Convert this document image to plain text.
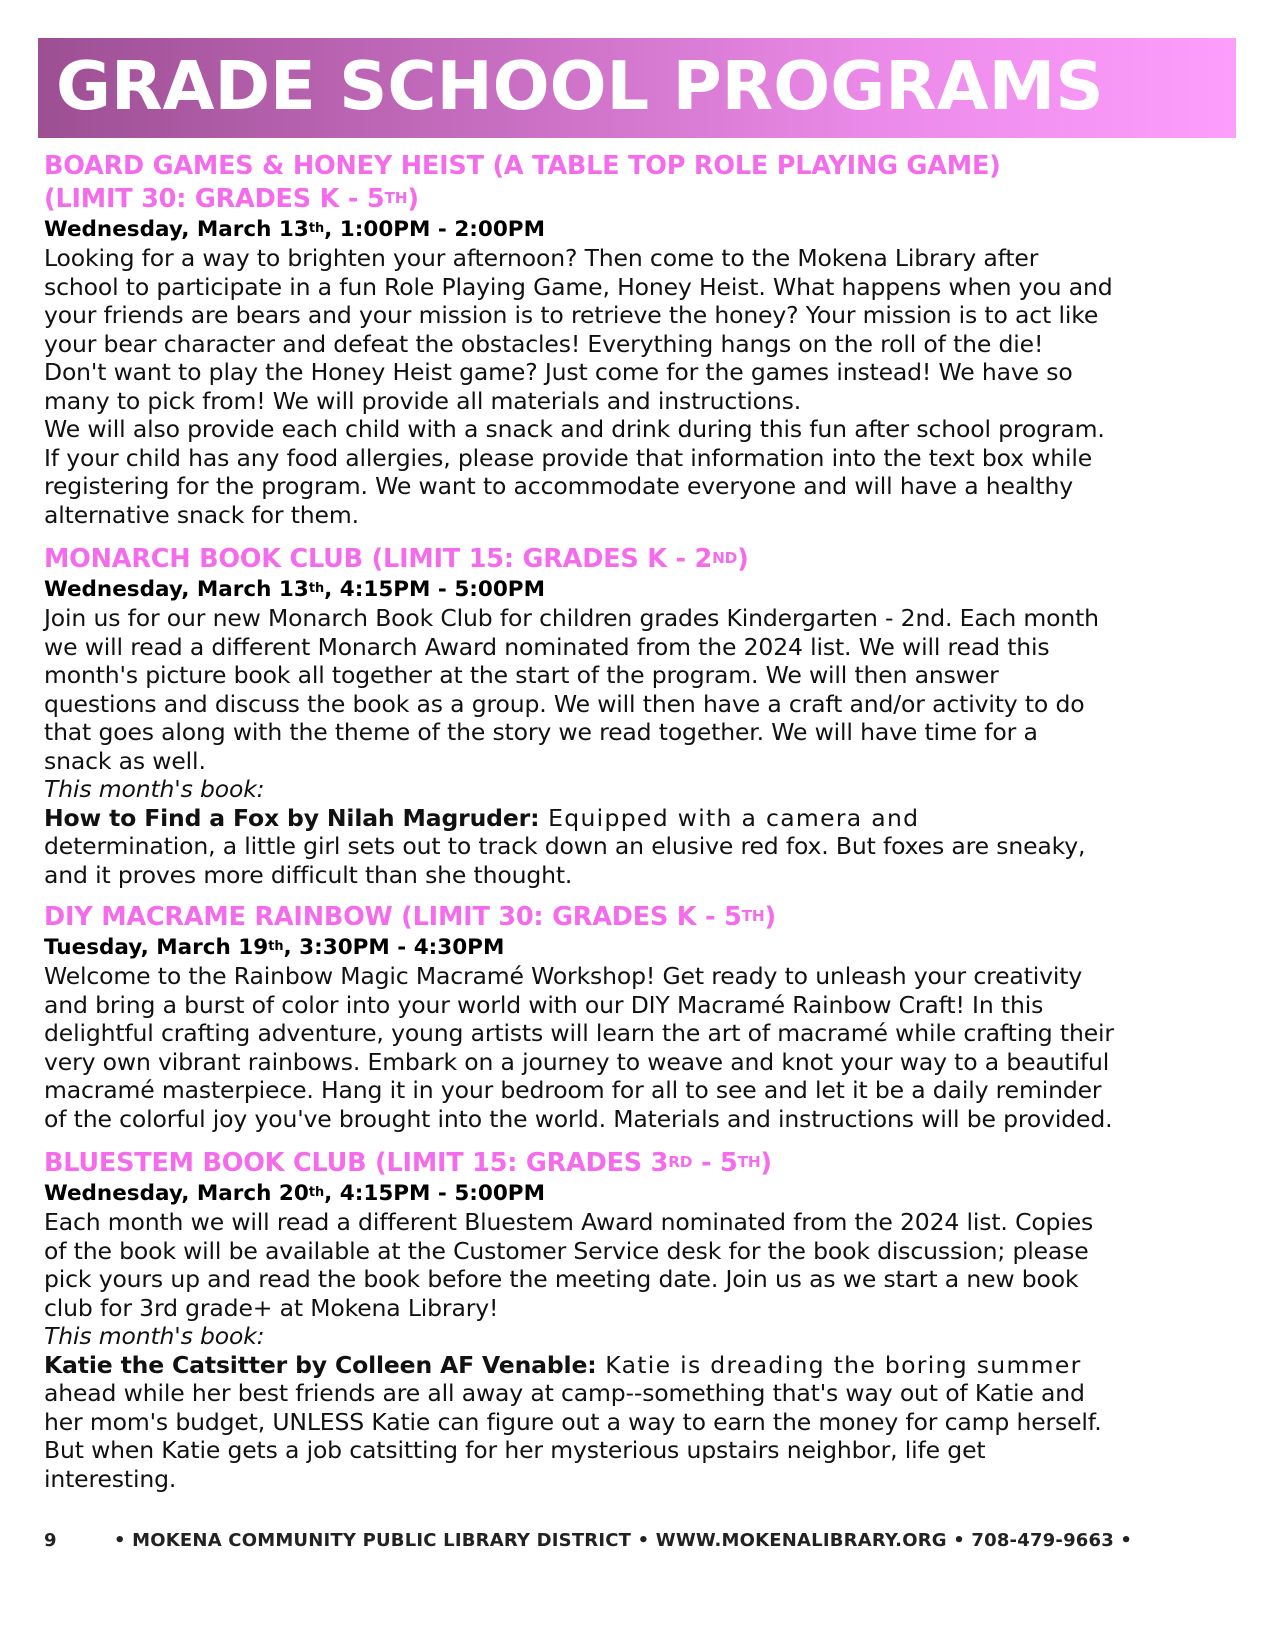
GRADE SCHOOL PROGRAMS
BOARD GAMES & HONEY HEIST (A TABLE TOP ROLE PLAYING GAME)
(LIMIT 30: GRADES K - 5TH)
Wednesday, March 13th, 1:00PM - 2:00PM

Looking for a way to brighten your afternoon? Then come to the Mokena Library after

school to participate in a fun Role Playing Game, Honey Heist. What happens when you and

your friends are bears and your mission is to retrieve the honey? Your mission is to act like

your bear character and defeat the obstacles! Everything hangs on the roll of the die!

Don't want to play the Honey Heist game? Just come for the games instead! We have so

many to pick from! We will provide all materials and instructions.

We will also provide each child with a snack and drink during this fun after school program.

If your child has any food allergies, please provide that information into the text box while

registering for the program. We want to accommodate everyone and will have a healthy

alternative snack for them.

MONARCH BOOK CLUB (LIMIT 15: GRADES K - 2ND)
Wednesday, March 13th, 4:15PM - 5:00PM

Join us for our new Monarch Book Club for children grades Kindergarten - 2nd. Each month

we will read a different Monarch Award nominated from the 2024 list. We will read this

month's picture book all together at the start of the program. We will then answer

questions and discuss the book as a group. We will then have a craft and/or activity to do

that goes along with the theme of the story we read together. We will have time for a

snack as well.

This month's book:

How to Find a Fox by Nilah Magruder: Equipped with a camera and

determination, a little girl sets out to track down an elusive red fox. But foxes are sneaky,

and it proves more difficult than she thought.

DIY MACRAME RAINBOW (LIMIT 30: GRADES K - 5TH)
Tuesday, March 19th, 3:30PM - 4:30PM

Welcome to the Rainbow Magic Macramé Workshop! Get ready to unleash your creativity

and bring a burst of color into your world with our DIY Macramé Rainbow Craft! In this

delightful crafting adventure, young artists will learn the art of macramé while crafting their

very own vibrant rainbows. Embark on a journey to weave and knot your way to a beautiful

macramé masterpiece. Hang it in your bedroom for all to see and let it be a daily reminder

of the colorful joy you've brought into the world. Materials and instructions will be provided.

BLUESTEM BOOK CLUB (LIMIT 15: GRADES 3RD - 5TH)
Wednesday, March 20th, 4:15PM - 5:00PM

Each month we will read a different Bluestem Award nominated from the 2024 list. Copies

of the book will be available at the Customer Service desk for the book discussion; please

pick yours up and read the book before the meeting date. Join us as we start a new book

club for 3rd grade+ at Mokena Library!

This month's book:

Katie the Catsitter by Colleen AF Venable: Katie is dreading the boring summer

ahead while her best friends are all away at camp--something that's way out of Katie and

her mom's budget, UNLESS Katie can figure out a way to earn the money for camp herself.

But when Katie gets a job catsitting for her mysterious upstairs neighbor, life get

interesting.

9	• MOKENA COMMUNITY PUBLIC LIBRARY DISTRICT • WWW.MOKENALIBRARY.ORG • 708-479-9663 •
